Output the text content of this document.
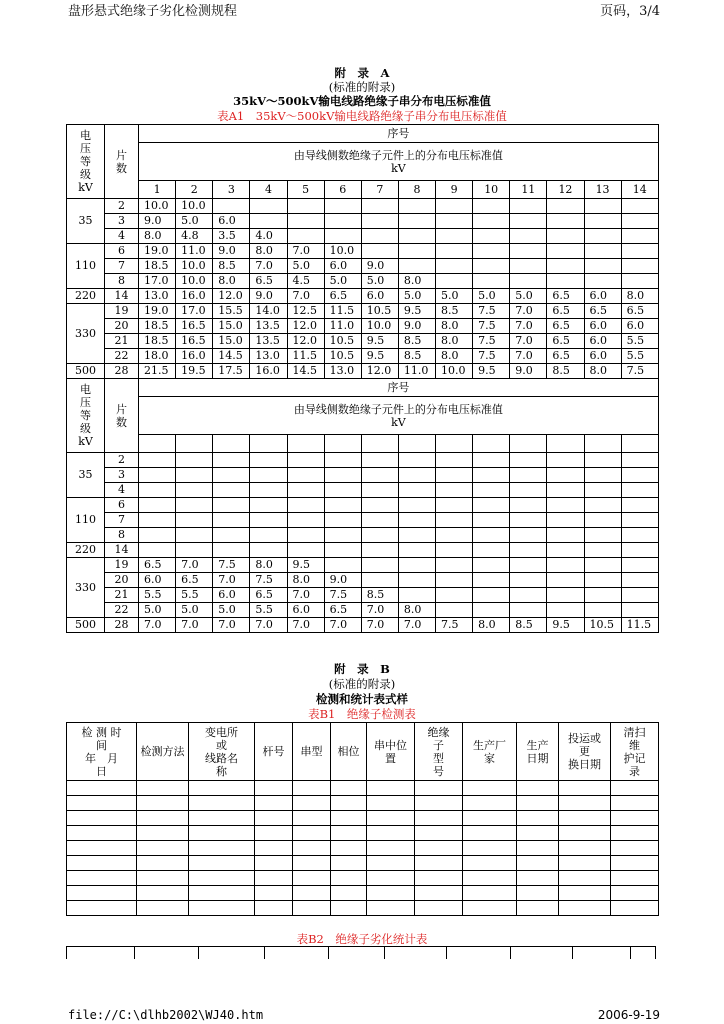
盘形悬式绝缘子劣化检测规程	页码，3/4
附　录　A
(标准的附录)
35kV～500kV输电线路绝缘子串分布电压标准值
表A1　35kV～500kV输电线路绝缘子串分布电压标准值
电
压
等
级
kV	片
数	序号													
		由导线侧数绝缘子元件上的分布电压标准值
kV													
		1	2	3	4	5	6	7	8	9	10	11	12	13	14
35	2	10.0	10.0												
	3	9.0	5.0	6.0											
	4	8.0	4.8	3.5	4.0										
110	6	19.0	11.0	9.0	8.0	7.0	10.0								
	7	18.5	10.0	8.5	7.0	5.0	6.0	9.0							
	8	17.0	10.0	8.0	6.5	4.5	5.0	5.0	8.0						
220	14	13.0	16.0	12.0	9.0	7.0	6.5	6.0	5.0	5.0	5.0	5.0	6.5	6.0	8.0
330	19	19.0	17.0	15.5	14.0	12.5	11.5	10.5	9.5	8.5	7.5	7.0	6.5	6.5	6.5
	20	18.5	16.5	15.0	13.5	12.0	11.0	10.0	9.0	8.0	7.5	7.0	6.5	6.0	6.0
	21	18.5	16.5	15.0	13.5	12.0	10.5	9.5	8.5	8.0	7.5	7.0	6.5	6.0	5.5
	22	18.0	16.0	14.5	13.0	11.5	10.5	9.5	8.5	8.0	7.5	7.0	6.5	6.0	5.5
500	28	21.5	19.5	17.5	16.0	14.5	13.0	12.0	11.0	10.0	9.5	9.0	8.5	8.0	7.5
电
压
等
级
kV	片
数	序号													
		由导线侧数绝缘子元件上的分布电压标准值
kV													

35	2														
	3														
	4														
110	6														
	7														
	8														
220	14														
330	19	6.5	7.0	7.5	8.0	9.5									
	20	6.0	6.5	7.0	7.5	8.0	9.0								
	21	5.5	5.5	6.0	6.5	7.0	7.5	8.5							
	22	5.0	5.0	5.0	5.5	6.0	6.5	7.0	8.0						
500	28	7.0	7.0	7.0	7.0	7.0	7.0	7.0	7.0	7.5	8.0	8.5	9.5	10.5	11.5
附　录　B
(标准的附录)
检测和统计表式样
表B1　绝缘子检测表
检 测 时
间
年　月
日	检测方法	变电所
或
线路名
称	杆号	串型	相位	串中位
置	绝缘
子
型
号	生产厂
家	生产
日期	投运或
更
换日期	清扫
维
护记
录

表B2　绝缘子劣化统计表
file://C:\dlhb2002\WJ40.htm	2006-9-19
